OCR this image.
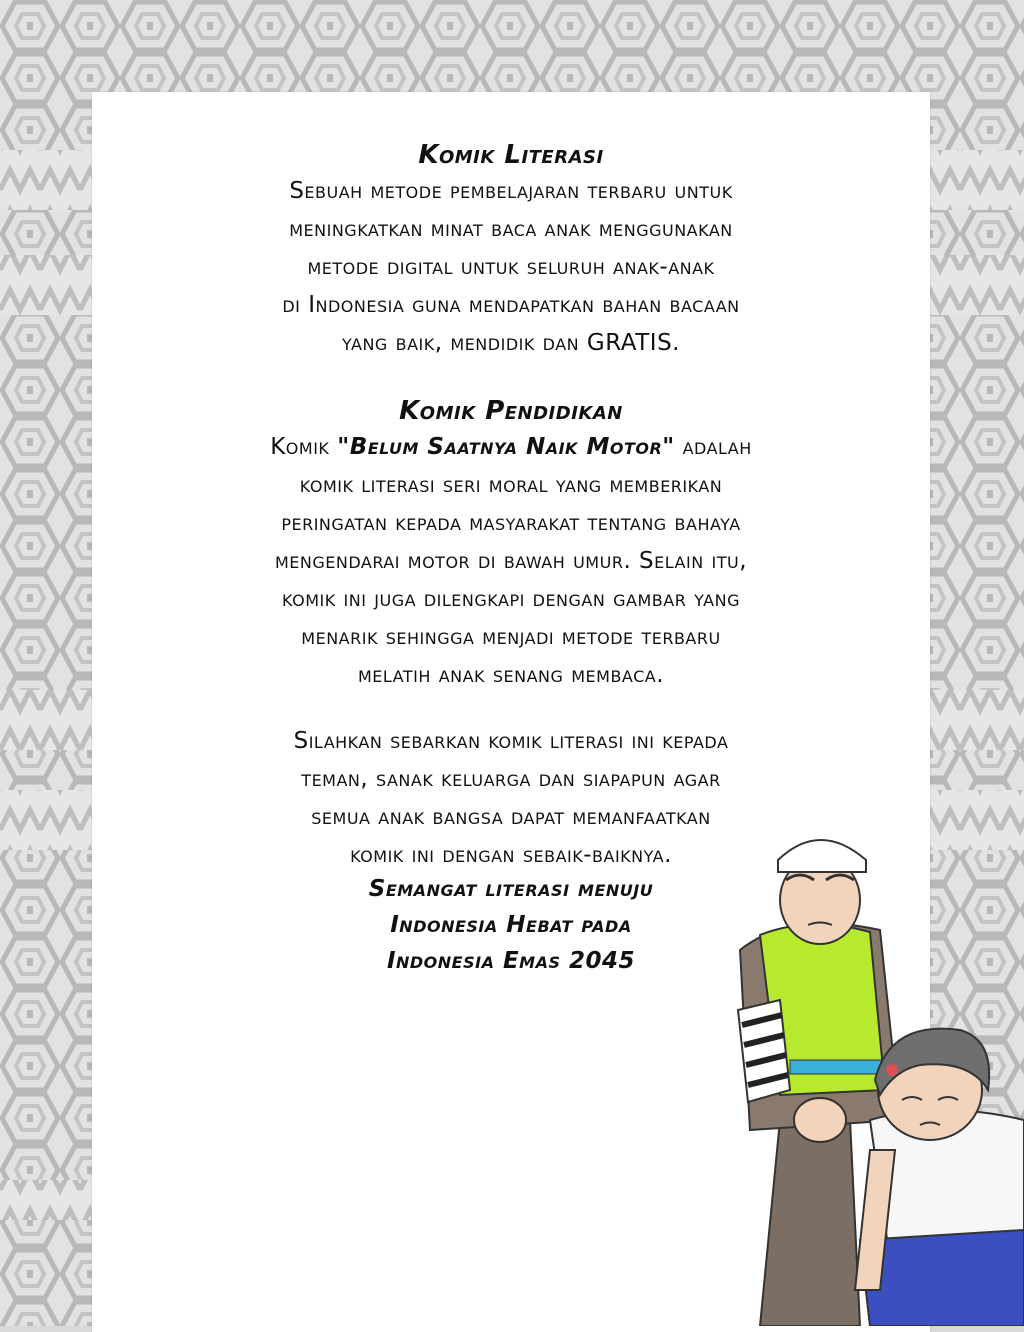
Komik Literasi
Sebuah metode pembelajaran terbaru untuk
meningkatkan minat baca anak menggunakan
metode digital untuk seluruh anak-anak
di Indonesia guna mendapatkan bahan bacaan
yang baik, mendidik dan GRATIS.
Komik Pendidikan
Komik "Belum Saatnya Naik Motor" adalah
komik literasi seri moral yang memberikan
peringatan kepada masyarakat tentang bahaya
mengendarai motor di bawah umur. Selain itu,
komik ini juga dilengkapi dengan gambar yang
menarik sehingga menjadi metode terbaru
melatih anak senang membaca.
Silahkan sebarkan komik literasi ini kepada
teman, sanak keluarga dan siapapun agar
semua anak bangsa dapat memanfaatkan
komik ini dengan sebaik-baiknya.
Semangat literasi menuju
Indonesia Hebat pada
Indonesia Emas 2045
